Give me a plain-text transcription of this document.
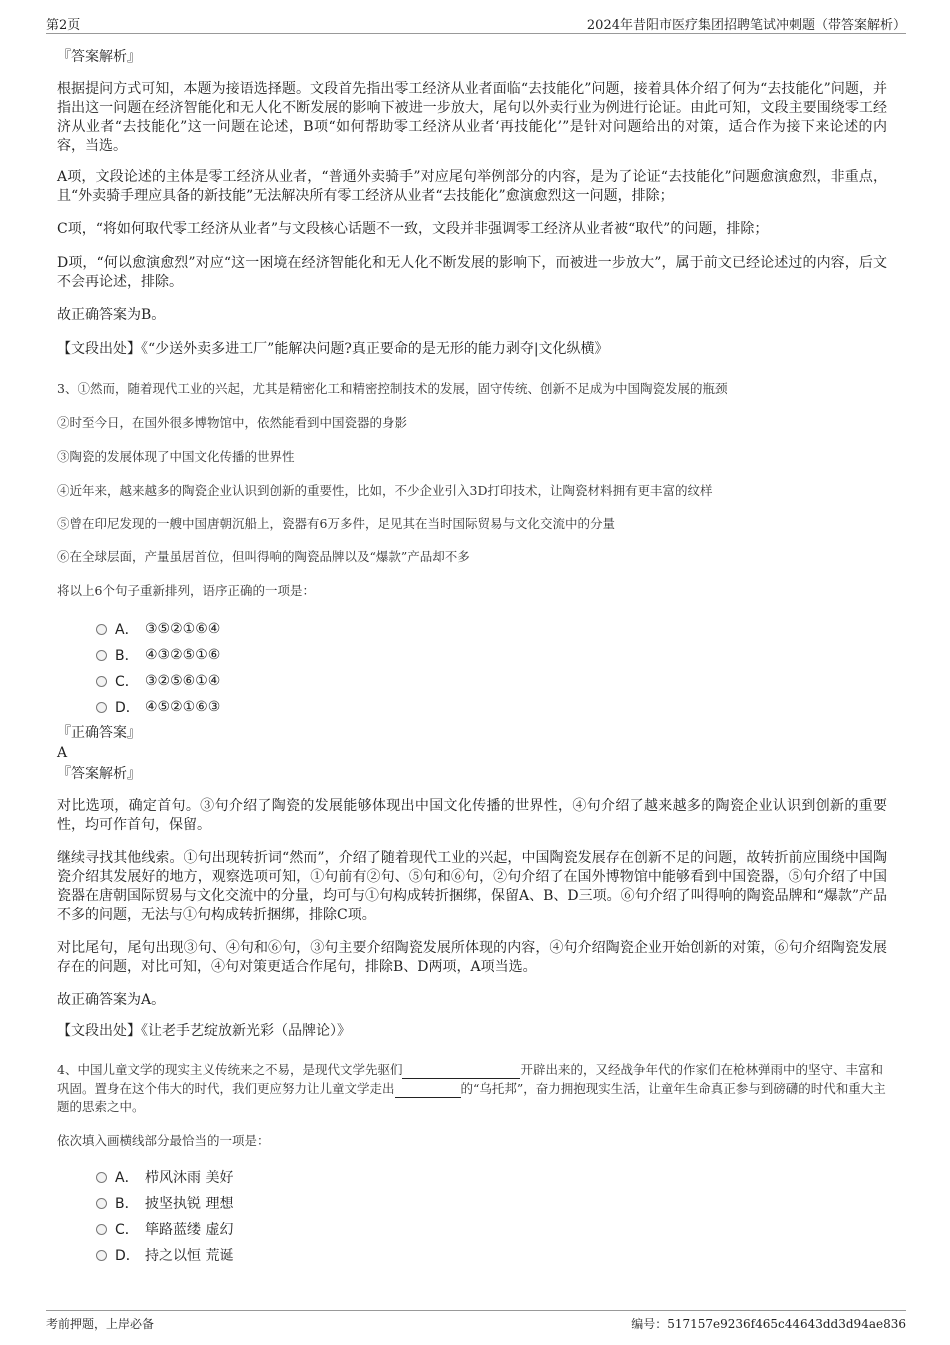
第2页	2024年昔阳市医疗集团招聘笔试冲刺题（带答案解析）
『答案解析』
根据提问方式可知，本题为接语选择题。文段首先指出零工经济从业者面临“去技能化”问题，接着具体介绍了何为“去技能化”问题，并指出这一问题在经济智能化和无人化不断发展的影响下被进一步放大，尾句以外卖行业为例进行论证。由此可知，文段主要围绕零工经济从业者“去技能化”这一问题在论述，B项“如何帮助零工经济从业者‘再技能化’”是针对问题给出的对策，适合作为接下来论述的内容，当选。
A项，文段论述的主体是零工经济从业者，“普通外卖骑手”对应尾句举例部分的内容，是为了论证“去技能化”问题愈演愈烈，非重点，且“外卖骑手理应具备的新技能”无法解决所有零工经济从业者“去技能化”愈演愈烈这一问题，排除；
C项，“将如何取代零工经济从业者”与文段核心话题不一致，文段并非强调零工经济从业者被“取代”的问题，排除；
D项，“何以愈演愈烈”对应“这一困境在经济智能化和无人化不断发展的影响下，而被进一步放大”，属于前文已经论述过的内容，后文不会再论述，排除。
故正确答案为B。
【文段出处】《“少送外卖多进工厂”能解决问题?真正要命的是无形的能力剥夺|文化纵横》
3、①然而，随着现代工业的兴起，尤其是精密化工和精密控制技术的发展，固守传统、创新不足成为中国陶瓷发展的瓶颈
②时至今日，在国外很多博物馆中，依然能看到中国瓷器的身影
③陶瓷的发展体现了中国文化传播的世界性
④近年来，越来越多的陶瓷企业认识到创新的重要性，比如，不少企业引入3D打印技术，让陶瓷材料拥有更丰富的纹样
⑤曾在印尼发现的一艘中国唐朝沉船上，瓷器有6万多件，足见其在当时国际贸易与文化交流中的分量
⑥在全球层面，产量虽居首位，但叫得响的陶瓷品牌以及“爆款”产品却不多
将以上6个句子重新排列，语序正确的一项是：
A． ③⑤②①⑥④
B． ④③②⑤①⑥
C． ③②⑤⑥①④
D． ④⑤②①⑥③
『正确答案』
A
『答案解析』
对比选项，确定首句。③句介绍了陶瓷的发展能够体现出中国文化传播的世界性，④句介绍了越来越多的陶瓷企业认识到创新的重要性，均可作首句，保留。
继续寻找其他线索。①句出现转折词“然而”，介绍了随着现代工业的兴起，中国陶瓷发展存在创新不足的问题，故转折前应围绕中国陶瓷介绍其发展好的地方，观察选项可知，①句前有②句、⑤句和⑥句，②句介绍了在国外博物馆中能够看到中国瓷器，⑤句介绍了中国瓷器在唐朝国际贸易与文化交流中的分量，均可与①句构成转折捆绑，保留A、B、D三项。⑥句介绍了叫得响的陶瓷品牌和“爆款”产品不多的问题，无法与①句构成转折捆绑，排除C项。
对比尾句，尾句出现③句、④句和⑥句，③句主要介绍陶瓷发展所体现的内容，④句介绍陶瓷企业开始创新的对策，⑥句介绍陶瓷发展存在的问题，对比可知，④句对策更适合作尾句，排除B、D两项，A项当选。
故正确答案为A。
【文段出处】《让老手艺绽放新光彩（品牌论）》
4、中国儿童文学的现实主义传统来之不易，是现代文学先驱们	开辟出来的，又经战争年代的作家们在枪林弹雨中的坚守、丰富和巩固。置身在这个伟大的时代，我们更应努力让儿童文学走出	的“乌托邦”，奋力拥抱现实生活，让童年生命真正参与到磅礴的时代和重大主题的思索之中。
依次填入画横线部分最恰当的一项是：
A． 栉风沐雨 美好
B． 披坚执锐 理想
C． 筚路蓝缕 虚幻
D． 持之以恒 荒诞
考前押题，上岸必备	编号：517157e9236f465c44643dd3d94ae836
